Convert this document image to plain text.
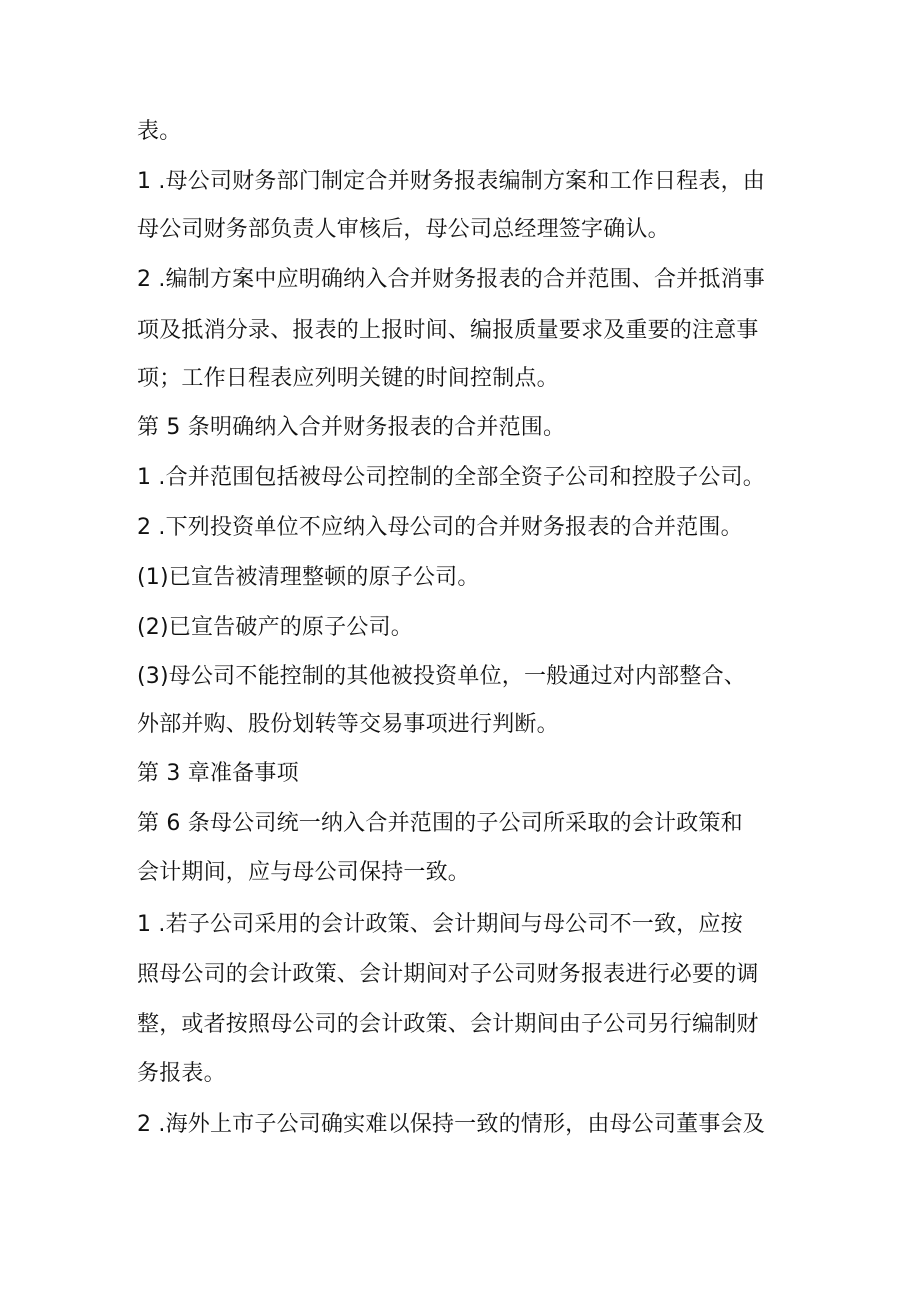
表。
1 .母公司财务部门制定合并财务报表编制方案和工作日程表，由
母公司财务部负责人审核后，母公司总经理签字确认。
2 .编制方案中应明确纳入合并财务报表的合并范围、合并抵消事
项及抵消分录、报表的上报时间、编报质量要求及重要的注意事
项；工作日程表应列明关键的时间控制点。
第 5 条明确纳入合并财务报表的合并范围。
1 .合并范围包括被母公司控制的全部全资子公司和控股子公司。
2 .下列投资单位不应纳入母公司的合并财务报表的合并范围。
(1)已宣告被清理整顿的原子公司。
(2)已宣告破产的原子公司。
(3)母公司不能控制的其他被投资单位，一般通过对内部整合、
外部并购、股份划转等交易事项进行判断。
第 3 章准备事项
第 6 条母公司统一纳入合并范围的子公司所采取的会计政策和
会计期间，应与母公司保持一致。
1 .若子公司采用的会计政策、会计期间与母公司不一致，应按
照母公司的会计政策、会计期间对子公司财务报表进行必要的调
整，或者按照母公司的会计政策、会计期间由子公司另行编制财
务报表。
2 .海外上市子公司确实难以保持一致的情形，由母公司董事会及
